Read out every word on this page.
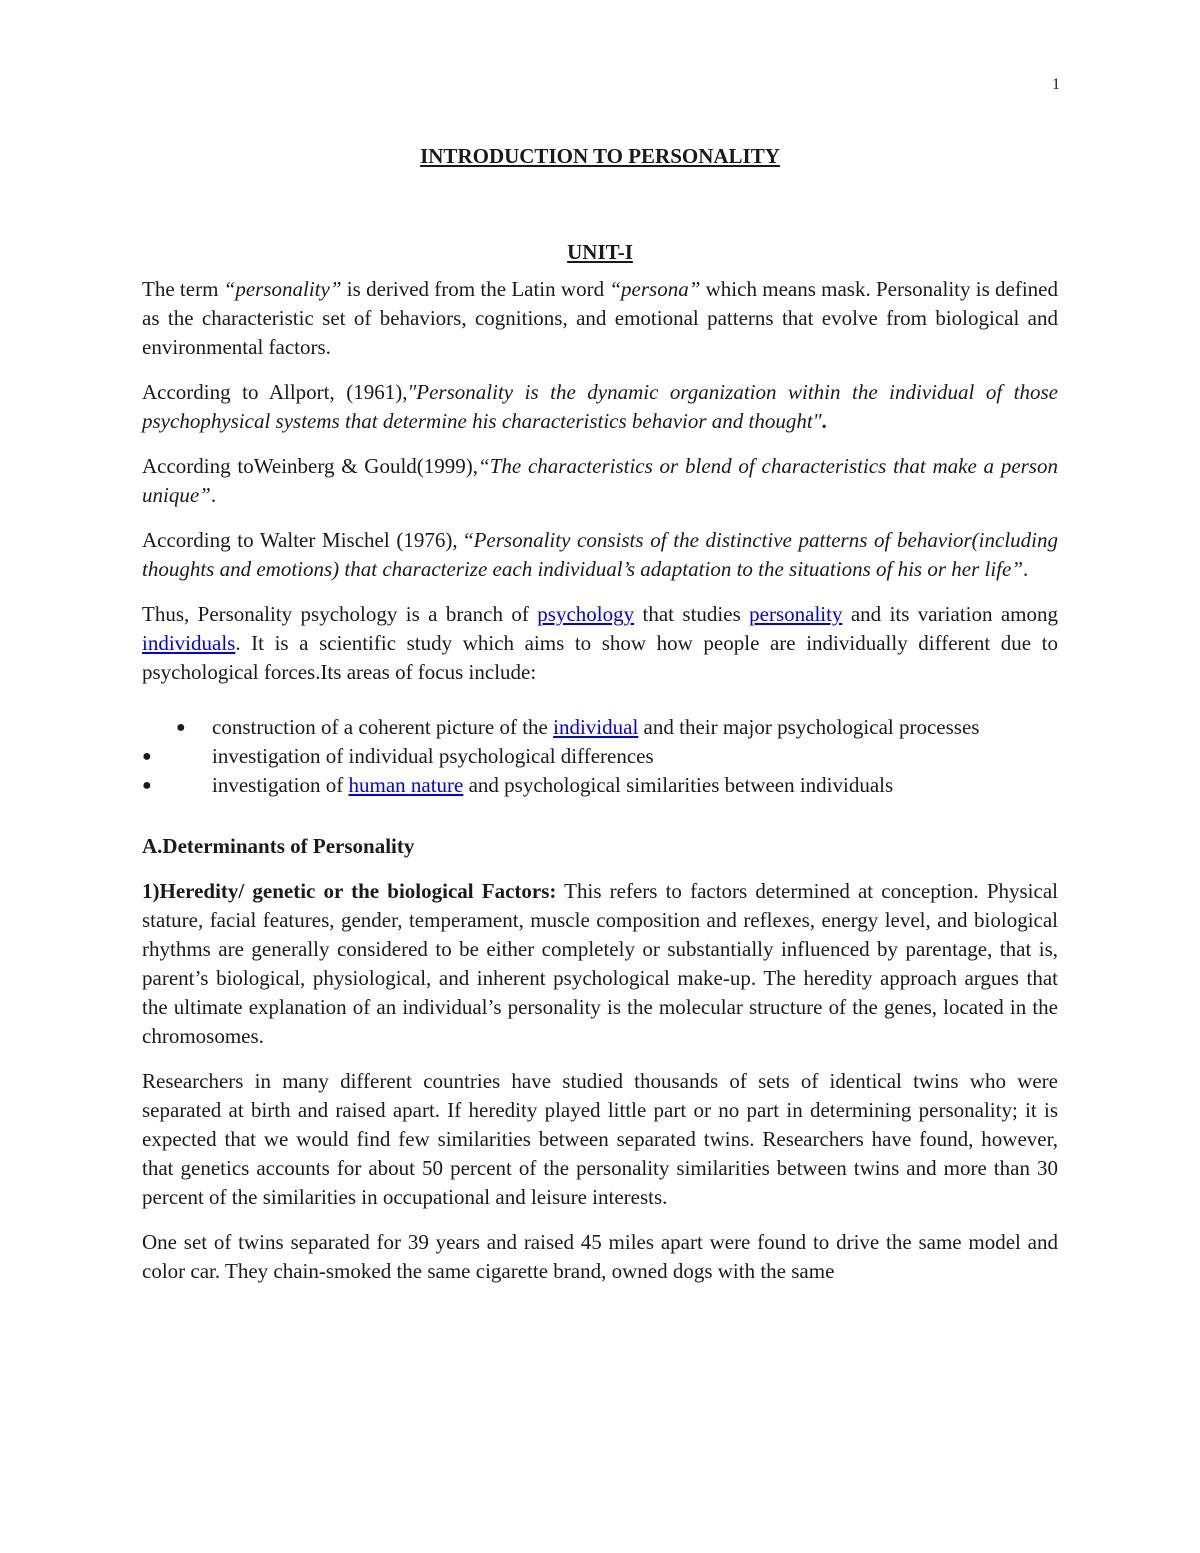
1
INTRODUCTION TO PERSONALITY
UNIT-I

The term “personality” is derived from the Latin word “persona” which means mask. Personality is defined as the characteristic set of behaviors, cognitions, and emotional patterns that evolve from biological and environmental factors.

According to Allport, (1961),"Personality is the dynamic organization within the individual of those psychophysical systems that determine his characteristics behavior and thought".

According toWeinberg & Gould(1999),“The characteristics or blend of characteristics that make a person unique”.

According to Walter Mischel (1976), “Personality consists of the distinctive patterns of behavior(including thoughts and emotions) that characterize each individual’s adaptation to the situations of his or her life”.

Thus, Personality psychology is a branch of psychology that studies personality and its variation among individuals. It is a scientific study which aims to show how people are individually different due to psychological forces.Its areas of focus include:

● construction of a coherent picture of the individual and their major psychological processes
●	investigation of individual psychological differences
●	investigation of human nature and psychological similarities between individuals
A.Determinants of Personality

1)Heredity/ genetic or the biological Factors: This refers to factors determined at conception. Physical stature, facial features, gender, temperament, muscle composition and reflexes, energy level, and biological rhythms are generally considered to be either completely or substantially influenced by parentage, that is, parent’s biological, physiological, and inherent psychological make-up. The heredity approach argues that the ultimate explanation of an individual’s personality is the molecular structure of the genes, located in the chromosomes.

Researchers in many different countries have studied thousands of sets of identical twins who were separated at birth and raised apart. If heredity played little part or no part in determining personality; it is expected that we would find few similarities between separated twins. Researchers have found, however, that genetics accounts for about 50 percent of the personality similarities between twins and more than 30 percent of the similarities in occupational and leisure interests.

One set of twins separated for 39 years and raised 45 miles apart were found to drive the same model and color car. They chain-smoked the same cigarette brand, owned dogs with the same
